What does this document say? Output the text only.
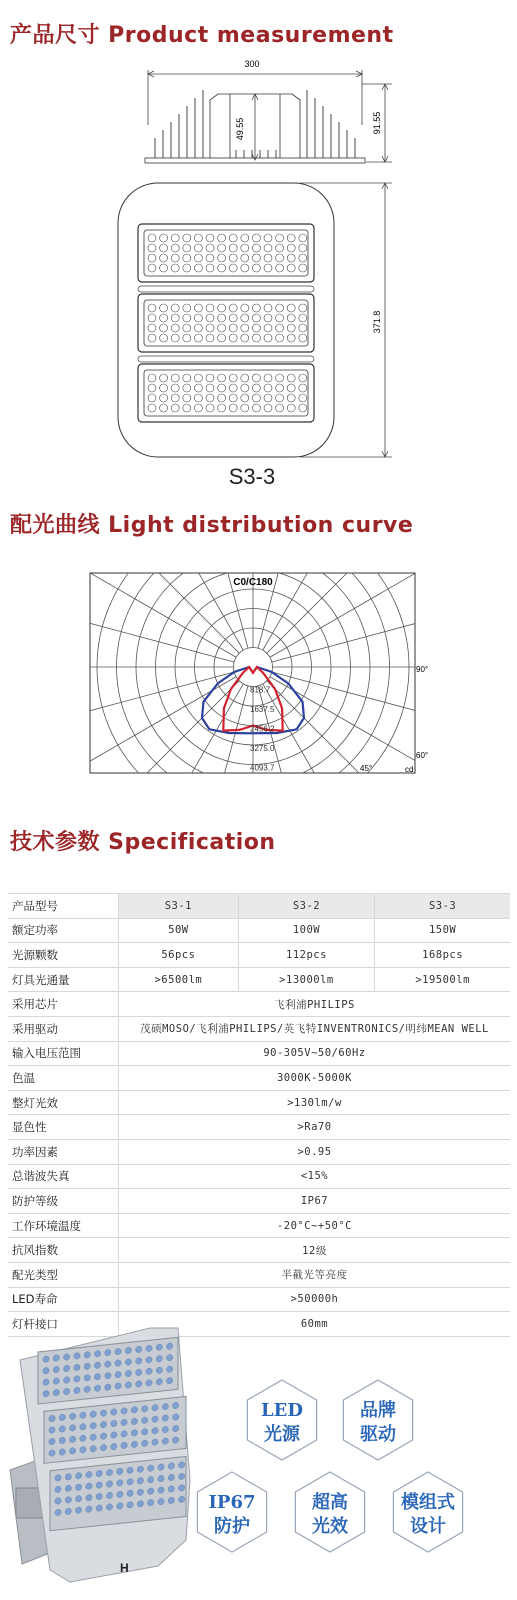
产品尺寸 Product measurement
300
49.55	91.55
371.8
S3-3
配光曲线 Light distribution curve
C0/C180
818.7
1637.5
2456.2
3275.0
4093.7
90°
60°
45°	cd
技术参数 Specification
产品型号	S3-1	S3-2	S3-3
额定功率	50W	100W	150W
光源颗数	56pcs	112pcs	168pcs
灯具光通量	>6500lm	>13000lm	>19500lm
采用芯片	飞利浦PHILIPS		
采用驱动	茂硕MOSO/飞利浦PHILIPS/英飞特INVENTRONICS/明纬MEAN WELL		
输入电压范围	90-305V~50/60Hz		
色温	3000K-5000K		
整灯光效	>130lm/w		
显色性	>Ra70		
功率因素	>0.95		
总谐波失真	<15%		
防护等级	IP67		
工作环境温度	-20°C~+50°C		
抗风指数	12级		
配光类型	半截光等亮度		
LED寿命	>50000h		
灯杆接口	60mm		
H
LED
光源
品牌
驱动
IP67
防护
超高
光效
模组式
设计
